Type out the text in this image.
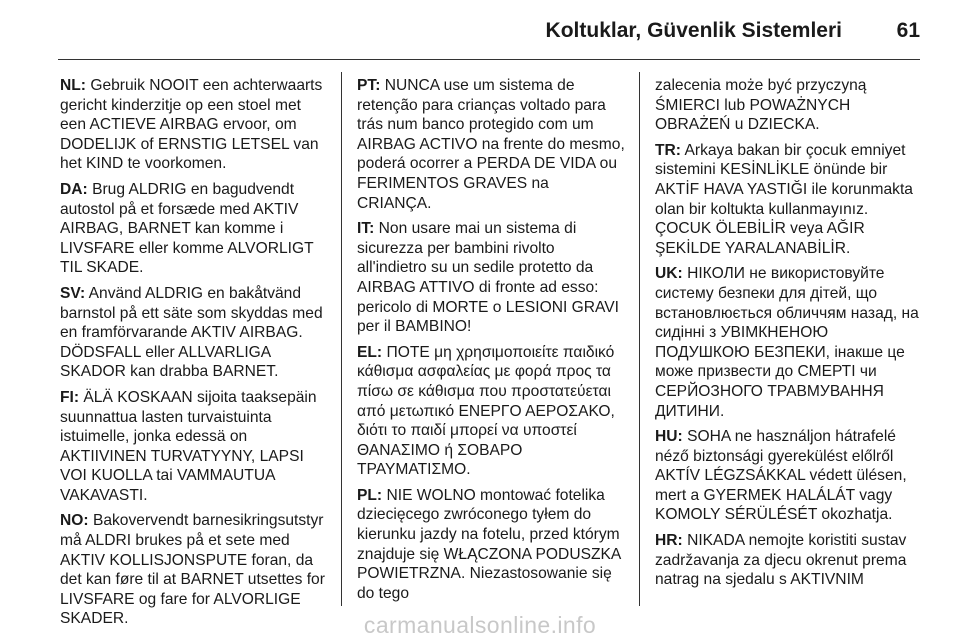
Koltuklar, Güvenlik Sistemleri	61

NL: Gebruik NOOIT een achterwaarts gericht kinderzitje op een stoel met een ACTIEVE AIRBAG ervoor, om DODELIJK of ERNSTIG LETSEL van het KIND te voorkomen.

DA: Brug ALDRIG en bagudvendt autostol på et forsæde med AKTIV AIRBAG, BARNET kan komme i LIVSFARE eller komme ALVORLIGT TIL SKADE.

SV: Använd ALDRIG en bakåtvänd barnstol på ett säte som skyddas med en framförvarande AKTIV AIRBAG. DÖDSFALL eller ALLVARLIGA SKADOR kan drabba BARNET.

FI: ÄLÄ KOSKAAN sijoita taaksepäin suunnattua lasten turvaistuinta istuimelle, jonka edessä on AKTIIVINEN TURVATYYNY, LAPSI VOI KUOLLA tai VAMMAUTUA VAKAVASTI.

NO: Bakovervendt barnesikringsutstyr må ALDRI brukes på et sete med AKTIV KOLLISJONSPUTE foran, da det kan føre til at BARNET utsettes for LIVSFARE og fare for ALVORLIGE SKADER.

PT: NUNCA use um sistema de retenção para crianças voltado para trás num banco protegido com um AIRBAG ACTIVO na frente do mesmo, poderá ocorrer a PERDA DE VIDA ou FERIMENTOS GRAVES na CRIANÇA.

IT: Non usare mai un sistema di sicurezza per bambini rivolto all'indietro su un sedile protetto da AIRBAG ATTIVO di fronte ad esso: pericolo di MORTE o LESIONI GRAVI per il BAMBINO!

EL: ΠΟΤΕ μη χρησιμοποιείτε παιδικό κάθισμα ασφαλείας με φορά προς τα πίσω σε κάθισμα που προστατεύεται από μετωπικό ΕΝΕΡΓΟ ΑΕΡΟΣΑΚΟ, διότι το παιδί μπορεί να υποστεί ΘΑΝΑΣΙΜΟ ή ΣΟΒΑΡΟ ΤΡΑΥΜΑΤΙΣΜΟ.

PL: NIE WOLNO montować fotelika dziecięcego zwróconego tyłem do kierunku jazdy na fotelu, przed którym znajduje się WŁĄCZONA PODUSZKA POWIETRZNA. Niezastosowanie się do tego

zalecenia może być przyczyną ŚMIERCI lub POWAŻNYCH OBRAŻEŃ u DZIECKA.

TR: Arkaya bakan bir çocuk emniyet sistemini KESİNLİKLE önünde bir AKTİF HAVA YASTIĞI ile korunmakta olan bir koltukta kullanmayınız. ÇOCUK ÖLEBİLİR veya AĞIR ŞEKİLDE YARALANABİLİR.

UK: НІКОЛИ не використовуйте систему безпеки для дітей, що встановлюється обличчям назад, на сидінні з УВІМКНЕНОЮ ПОДУШКОЮ БЕЗПЕКИ, інакше це може призвести до СМЕРТІ чи СЕРЙОЗНОГО ТРАВМУВАННЯ ДИТИНИ.

HU: SOHA ne használjon hátrafelé néző biztonsági gyerekülést előlről AKTÍV LÉGZSÁKKAL védett ülésen, mert a GYERMEK HALÁLÁT vagy KOMOLY SÉRÜLÉSÉT okozhatja.

HR: NIKADA nemojte koristiti sustav zadržavanja za djecu okrenut prema natrag na sjedalu s AKTIVNIM

carmanualsonline.info
